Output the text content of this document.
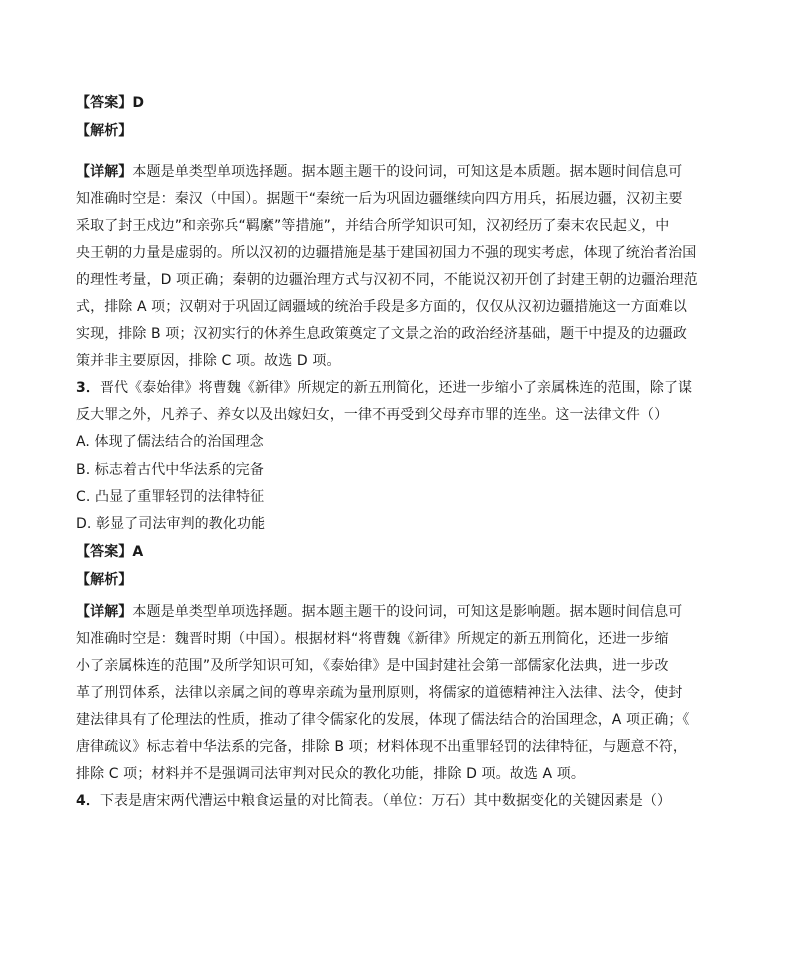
【答案】D
【解析】
【详解】本题是单类型单项选择题。据本题主题干的设问词，可知这是本质题。据本题时间信息可
知准确时空是：秦汉（中国）。据题干“秦统一后为巩固边疆继续向四方用兵，拓展边疆，汉初主要
采取了封王戍边”和亲弥兵“羁縻”等措施”，并结合所学知识可知，汉初经历了秦末农民起义，中
央王朝的力量是虚弱的。所以汉初的边疆措施是基于建国初国力不强的现实考虑，体现了统治者治国
的理性考量，D 项正确；秦朝的边疆治理方式与汉初不同，不能说汉初开创了封建王朝的边疆治理范
式，排除 A 项；汉朝对于巩固辽阔疆域的统治手段是多方面的，仅仅从汉初边疆措施这一方面难以
实现，排除 B 项；汉初实行的休养生息政策奠定了文景之治的政治经济基础，题干中提及的边疆政
策并非主要原因，排除 C 项。故选 D 项。
3．晋代《泰始律》将曹魏《新律》所规定的新五刑简化，还进一步缩小了亲属株连的范围，除了谋
反大罪之外，凡养子、养女以及出嫁妇女，一律不再受到父母弃市罪的连坐。这一法律文件（）
A. 体现了儒法结合的治国理念
B. 标志着古代中华法系的完备
C. 凸显了重罪轻罚的法律特征
D. 彰显了司法审判的教化功能
【答案】A
【解析】
【详解】本题是单类型单项选择题。据本题主题干的设问词，可知这是影响题。据本题时间信息可
知准确时空是：魏晋时期（中国）。根据材料“将曹魏《新律》所规定的新五刑简化，还进一步缩
小了亲属株连的范围”及所学知识可知，《泰始律》是中国封建社会第一部儒家化法典，进一步改
革了刑罚体系，法律以亲属之间的尊卑亲疏为量刑原则，将儒家的道德精神注入法律、法令，使封
建法律具有了伦理法的性质，推动了律令儒家化的发展，体现了儒法结合的治国理念，A 项正确；《
唐律疏议》标志着中华法系的完备，排除 B 项；材料体现不出重罪轻罚的法律特征，与题意不符，
排除 C 项；材料并不是强调司法审判对民众的教化功能，排除 D 项。故选 A 项。
4．下表是唐宋两代漕运中粮食运量的对比简表。（单位：万石）其中数据变化的关键因素是（）
